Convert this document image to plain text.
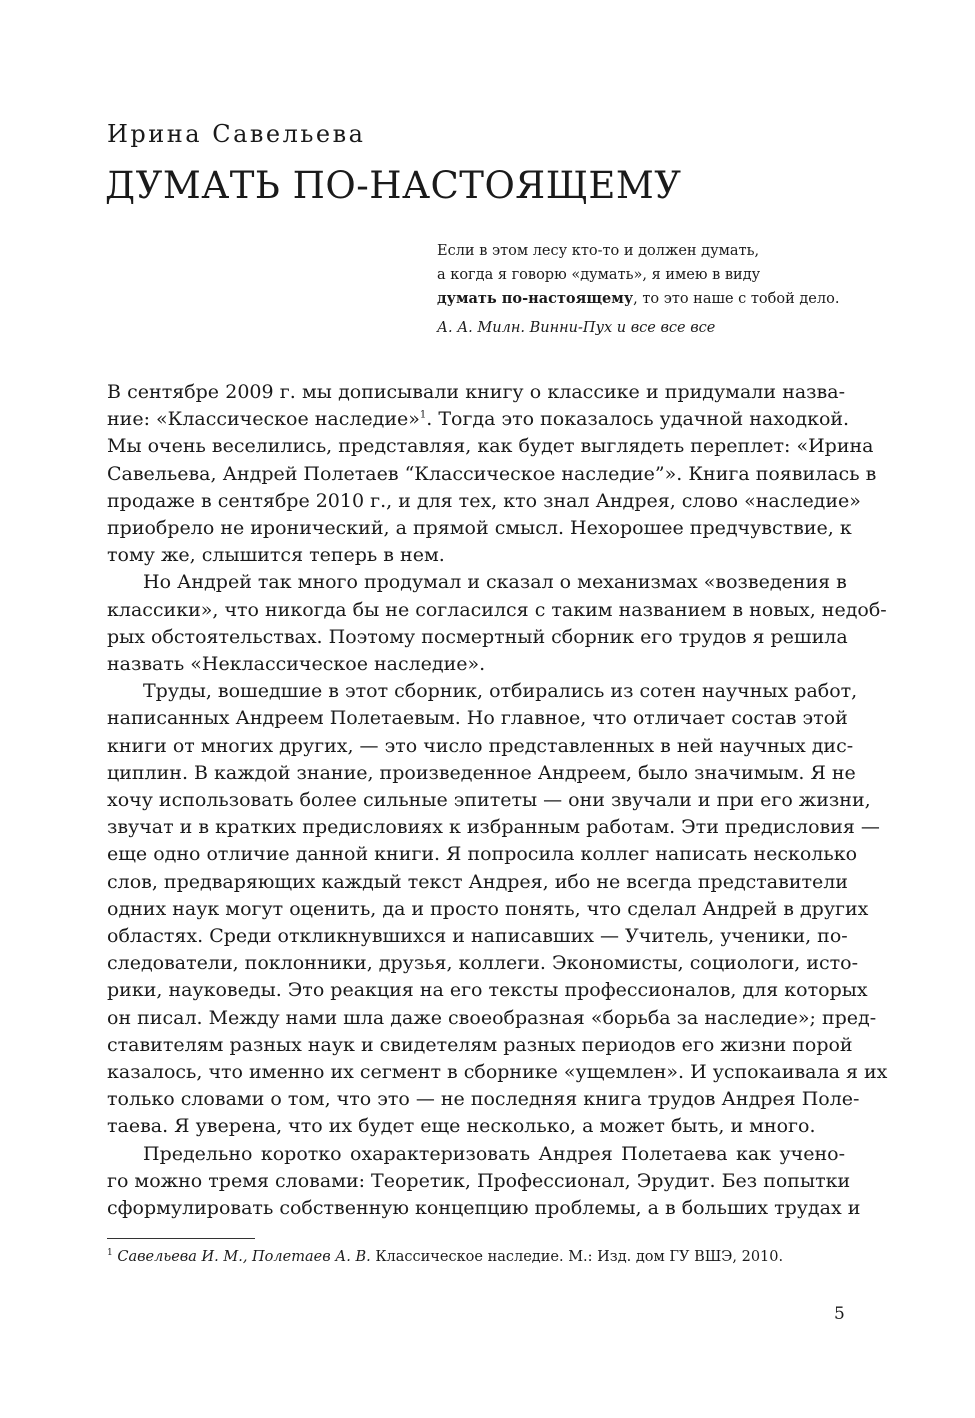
Ирина Савельева
ДУМАТЬ ПО-НАСТОЯЩЕМУ
Если в этом лесу кто-то и должен думать,
а когда я говорю «думать», я имею в виду
думать по-настоящему, то это наше с тобой дело.
А. А. Милн. Винни-Пух и все все все
В сентябре 2009 г. мы дописывали книгу о классике и придумали назва-
ние: «Классическое наследие»$^1$. Тогда это показалось удачной находкой.
Мы очень веселились, представляя, как будет выглядеть переплет: «Ирина
Савельева, Андрей Полетаев “Классическое наследие”». Книга появилась в
продаже в сентябре 2010 г., и для тех, кто знал Андрея, слово «наследие»
приобрело не иронический, а прямой смысл. Нехорошее предчувствие, к
тому же, слышится теперь в нем.
Но Андрей так много продумал и сказал о механизмах «возведения в
классики», что никогда бы не согласился с таким названием в новых, недоб-
рых обстоятельствах. Поэтому посмертный сборник его трудов я решила
назвать «Неклассическое наследие».
Труды, вошедшие в этот сборник, отбирались из сотен научных работ,
написанных Андреем Полетаевым. Но главное, что отличает состав этой
книги от многих других, — это число представленных в ней научных дис-
циплин. В каждой знание, произведенное Андреем, было значимым. Я не
хочу использовать более сильные эпитеты — они звучали и при его жизни,
звучат и в кратких предисловиях к избранным работам. Эти предисловия —
еще одно отличие данной книги. Я попросила коллег написать несколько
слов, предваряющих каждый текст Андрея, ибо не всегда представители
одних наук могут оценить, да и просто понять, что сделал Андрей в других
областях. Среди откликнувшихся и написавших — Учитель, ученики, по-
следователи, поклонники, друзья, коллеги. Экономисты, социологи, исто-
рики, науковеды. Это реакция на его тексты профессионалов, для которых
он писал. Между нами шла даже своеобразная «борьба за наследие»; пред-
ставителям разных наук и свидетелям разных периодов его жизни порой
казалось, что именно их сегмент в сборнике «ущемлен». И успокаивала я их
только словами о том, что это — не последняя книга трудов Андрея Поле-
таева. Я уверена, что их будет еще несколько, а может быть, и много.
Предельно коротко охарактеризовать Андрея Полетаева как учено-
го можно тремя словами: Теоретик, Профессионал, Эрудит. Без попытки
сформулировать собственную концепцию проблемы, а в больших трудах и
$^1$ Савельева И. М., Полетаев А. В. Классическое наследие. М.: Изд. дом ГУ ВШЭ, 2010.
5
